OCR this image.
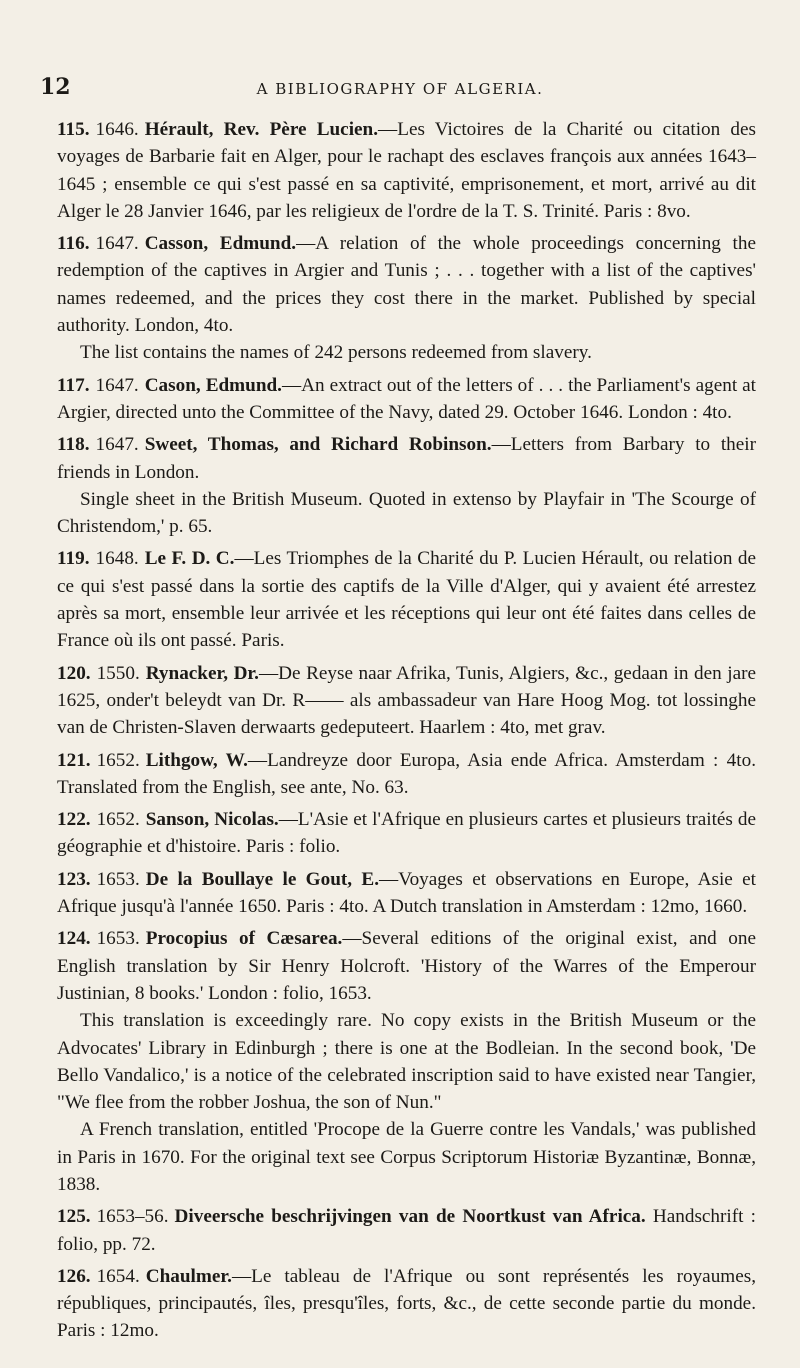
12	A BIBLIOGRAPHY OF ALGERIA.

115. 1646. Hérault, Rev. Père Lucien.—Les Victoires de la Charité ou citation des voyages de Barbarie fait en Alger, pour le rachapt des esclaves françois aux années 1643–1645 ; ensemble ce qui s'est passé en sa captivité, emprisonement, et mort, arrivé au dit Alger le 28 Janvier 1646, par les religieux de l'ordre de la T. S. Trinité. Paris : 8vo.

116. 1647. Casson, Edmund.—A relation of the whole proceedings concerning the redemption of the captives in Argier and Tunis ; . . . together with a list of the captives' names redeemed, and the prices they cost there in the market. Published by special authority. London, 4to.

The list contains the names of 242 persons redeemed from slavery.

117. 1647. Cason, Edmund.—An extract out of the letters of . . . the Parliament's agent at Argier, directed unto the Committee of the Navy, dated 29. October 1646. London : 4to.

118. 1647. Sweet, Thomas, and Richard Robinson.—Letters from Barbary to their friends in London.

Single sheet in the British Museum. Quoted in extenso by Playfair in 'The Scourge of Christendom,' p. 65.

119. 1648. Le F. D. C.—Les Triomphes de la Charité du P. Lucien Hérault, ou relation de ce qui s'est passé dans la sortie des captifs de la Ville d'Alger, qui y avaient été arrestez après sa mort, ensemble leur arrivée et les réceptions qui leur ont été faites dans celles de France où ils ont passé. Paris.

120. 1550. Rynacker, Dr.—De Reyse naar Afrika, Tunis, Algiers, &c., gedaan in den jare 1625, onder't beleydt van Dr. R—— als ambassadeur van Hare Hoog Mog. tot lossinghe van de Christen-Slaven derwaarts gedeputeert. Haarlem : 4to, met grav.

121. 1652. Lithgow, W.—Landreyze door Europa, Asia ende Africa. Amsterdam : 4to. Translated from the English, see ante, No. 63.

122. 1652. Sanson, Nicolas.—L'Asie et l'Afrique en plusieurs cartes et plusieurs traités de géographie et d'histoire. Paris : folio.

123. 1653. De la Boullaye le Gout, E.—Voyages et observations en Europe, Asie et Afrique jusqu'à l'année 1650. Paris : 4to. A Dutch translation in Amsterdam : 12mo, 1660.

124. 1653. Procopius of Cæsarea.—Several editions of the original exist, and one English translation by Sir Henry Holcroft. 'History of the Warres of the Emperour Justinian, 8 books.' London : folio, 1653.

This translation is exceedingly rare. No copy exists in the British Museum or the Advocates' Library in Edinburgh ; there is one at the Bodleian. In the second book, 'De Bello Vandalico,' is a notice of the celebrated inscription said to have existed near Tangier, "We flee from the robber Joshua, the son of Nun."

A French translation, entitled 'Procope de la Guerre contre les Vandals,' was published in Paris in 1670. For the original text see Corpus Scriptorum Historiæ Byzantinæ, Bonnæ, 1838.

125. 1653–56. Diveersche beschrijvingen van de Noortkust van Africa. Handschrift : folio, pp. 72.

126. 1654. Chaulmer.—Le tableau de l'Afrique ou sont représentés les royaumes, républiques, principautés, îles, presqu'îles, forts, &c., de cette seconde partie du monde. Paris : 12mo.
